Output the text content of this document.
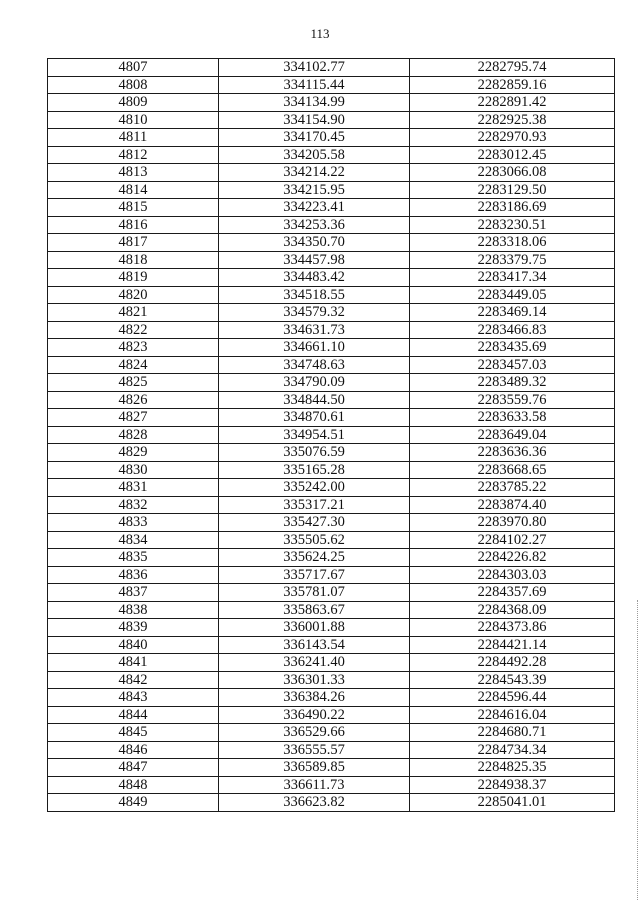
113
4807	334102.77	2282795.74
4808	334115.44	2282859.16
4809	334134.99	2282891.42
4810	334154.90	2282925.38
4811	334170.45	2282970.93
4812	334205.58	2283012.45
4813	334214.22	2283066.08
4814	334215.95	2283129.50
4815	334223.41	2283186.69
4816	334253.36	2283230.51
4817	334350.70	2283318.06
4818	334457.98	2283379.75
4819	334483.42	2283417.34
4820	334518.55	2283449.05
4821	334579.32	2283469.14
4822	334631.73	2283466.83
4823	334661.10	2283435.69
4824	334748.63	2283457.03
4825	334790.09	2283489.32
4826	334844.50	2283559.76
4827	334870.61	2283633.58
4828	334954.51	2283649.04
4829	335076.59	2283636.36
4830	335165.28	2283668.65
4831	335242.00	2283785.22
4832	335317.21	2283874.40
4833	335427.30	2283970.80
4834	335505.62	2284102.27
4835	335624.25	2284226.82
4836	335717.67	2284303.03
4837	335781.07	2284357.69
4838	335863.67	2284368.09
4839	336001.88	2284373.86
4840	336143.54	2284421.14
4841	336241.40	2284492.28
4842	336301.33	2284543.39
4843	336384.26	2284596.44
4844	336490.22	2284616.04
4845	336529.66	2284680.71
4846	336555.57	2284734.34
4847	336589.85	2284825.35
4848	336611.73	2284938.37
4849	336623.82	2285041.01
